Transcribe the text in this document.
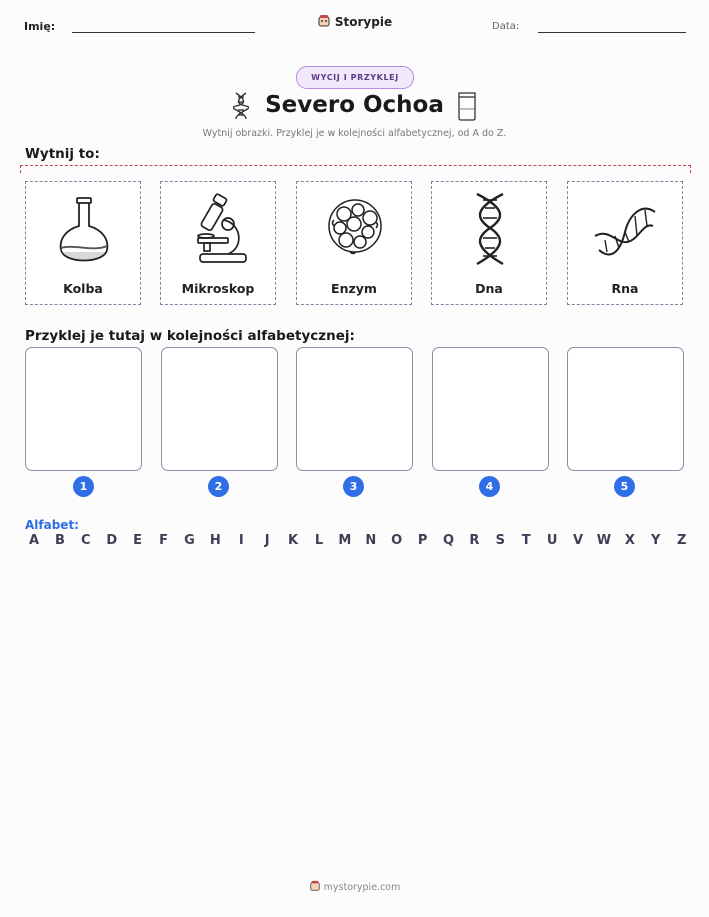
Imię:	Storypie	Data:
WYCIJ I PRZYKLEJ
Severo Ochoa
Wytnij obrazki. Przyklej je w kolejności alfabetycznej, od A do Z.
Wytnij to:
Kolba	Mikroskop	Enzym	Dna	Rna
Przyklej je tutaj w kolejności alfabetycznej:
1	2	3	4	5
Alfabet:
A B C D E F G H	I	J	K L M N O P Q R S T U V W X Y Z
mystorypie.com
